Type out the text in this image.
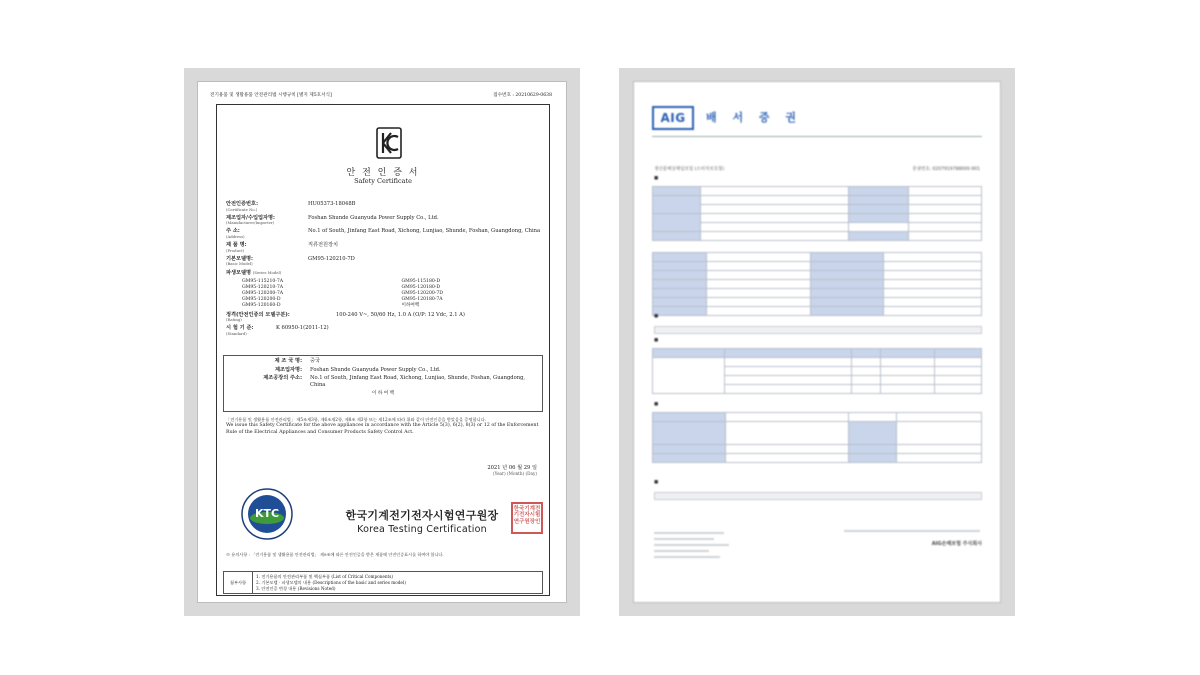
전기용품 및 생활용품 안전관리법 시행규칙 [별지 제5호서식]	접수번호 : 20210629-0638
안 전 인 증 서
Safety Certificate
안전인증번호:
(Certificate No.)
HU05373-18048B
제조업자/수입업자명:
(Manufacturer/Importer)
Foshan Shunde Guanyuda Power Supply Co., Ltd.
주 소:
(Address)
No.1 of South, Jinfang East Road, Xichong, Lunjiao, Shunde, Foshan, Guangdong, China
제 품 명:
(Product)
직류전원장치
기본모델명:
(Basic Model)
GM95-120210-7D
파생모델명 (Series Model)
GM95-115210-7A	GM95-115180-D
GM95-120210-7A	GM95-120180-D
GM95-120200-7A	GM95-120200-7D
GM95-120200-D	GM95-120180-7A
GM95-120160-D	이하여백
정격(안전인증의 모델구분):
(Rating)
100-240 V~, 50/60 Hz, 1.0 A (O/P: 12 Vdc, 2.1 A)
시 험 기 준:
(Standard)
K 60950-1(2011-12)
제 조 국 명:	중국
제조업자명:	Foshan Shunde Guanyuda Power Supply Co., Ltd.
제조공장의 주소:	No.1 of South, Jinfang East Road, Xichong, Lunjiao, Shunde, Foshan, Guangdong, China
이 하 여 백
「전기용품 및 생활용품 안전관리법」 제5조제3항, 제6조제2항, 제8조 제3항 또는 제12조에 따라 위와 같이 안전인증을 받았음을 증명합니다.
We issue this Safety Certificate for the above appliances in accordance with the Article 5(3), 6(2), 8(3) or 12 of the Enforcement Rule of the Electrical Appliances and Consumer Products Safety Control Act.
2021 년 06 월 29 일
(Year) (Month) (Day)
KTC	한국기계전기전자시험연구원장
Korea Testing Certification
한국기계전기전자시험연구원장인
※ 유의사항 : 「전기용품 및 생활용품 안전관리법」 제9조에 따른 안전인증을 받은 제품에 안전인증표시를 하여야 합니다.
첨부사항
1. 전기용품의 안전관리부품 및 핵심부품 (List of Critical Components)
2. 기본모델 · 파생모델의 내용 (Descriptions of the basic and series model)
3. 안전인증 변경 내용 (Revisions Noted)
AIG	배 서 증 권
생산물배상책임보험 (소비자보호형)	증권번호: 0207919788000-901
■

■
■

■

■
AIG손해보험 주식회사
